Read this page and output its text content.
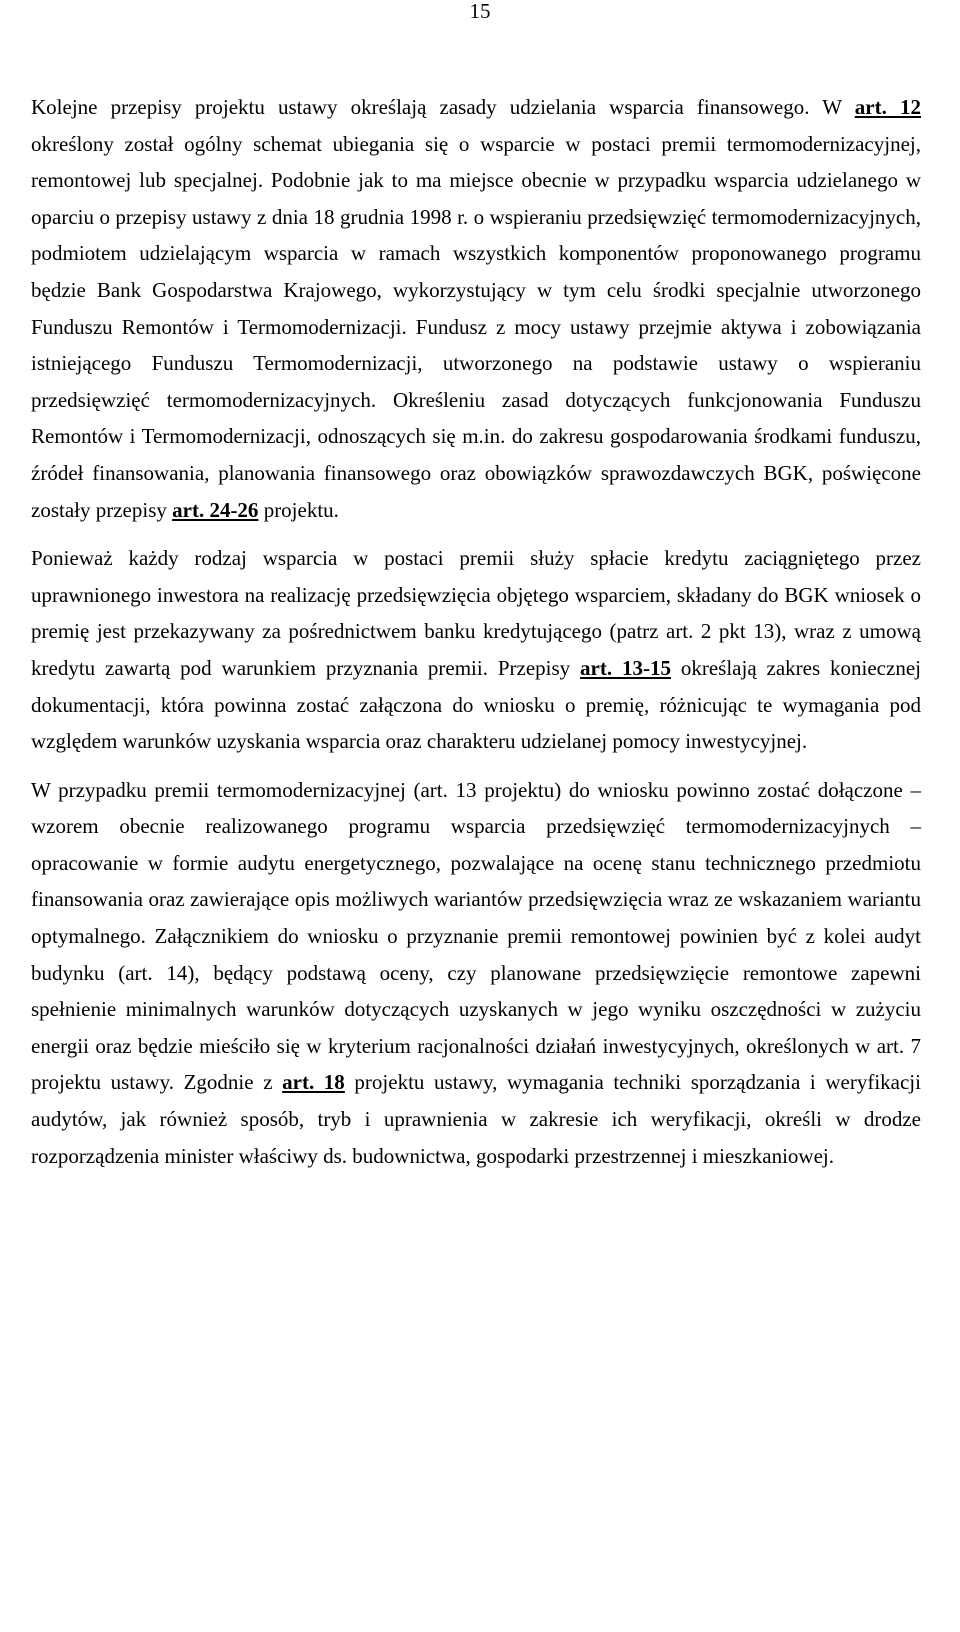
15

Kolejne przepisy projektu ustawy określają zasady udzielania wsparcia finansowego. W art. 12 określony został ogólny schemat ubiegania się o wsparcie w postaci premii termomodernizacyjnej, remontowej lub specjalnej. Podobnie jak to ma miejsce obecnie w przypadku wsparcia udzielanego w oparciu o przepisy ustawy z dnia 18 grudnia 1998 r. o wspieraniu przedsięwzięć termomodernizacyjnych, podmiotem udzielającym wsparcia w ramach wszystkich komponentów proponowanego programu będzie Bank Gospodarstwa Krajowego, wykorzystujący w tym celu środki specjalnie utworzonego Funduszu Remontów i Termomodernizacji. Fundusz z mocy ustawy przejmie aktywa i zobowiązania istniejącego Funduszu Termomodernizacji, utworzonego na podstawie ustawy o wspieraniu przedsięwzięć termomodernizacyjnych. Określeniu zasad dotyczących funkcjonowania Funduszu Remontów i Termomodernizacji, odnoszących się m.in. do zakresu gospodarowania środkami funduszu, źródeł finansowania, planowania finansowego oraz obowiązków sprawozdawczych BGK, poświęcone zostały przepisy art. 24-26 projektu.

Ponieważ każdy rodzaj wsparcia w postaci premii służy spłacie kredytu zaciągniętego przez uprawnionego inwestora na realizację przedsięwzięcia objętego wsparciem, składany do BGK wniosek o premię jest przekazywany za pośrednictwem banku kredytującego (patrz art. 2 pkt 13), wraz z umową kredytu zawartą pod warunkiem przyznania premii. Przepisy art. 13-15 określają zakres koniecznej dokumentacji, która powinna zostać załączona do wniosku o premię, różnicując te wymagania pod względem warunków uzyskania wsparcia oraz charakteru udzielanej pomocy inwestycyjnej.

W przypadku premii termomodernizacyjnej (art. 13 projektu) do wniosku powinno zostać dołączone – wzorem obecnie realizowanego programu wsparcia przedsięwzięć termomodernizacyjnych – opracowanie w formie audytu energetycznego, pozwalające na ocenę stanu technicznego przedmiotu finansowania oraz zawierające opis możliwych wariantów przedsięwzięcia wraz ze wskazaniem wariantu optymalnego. Załącznikiem do wniosku o przyznanie premii remontowej powinien być z kolei audyt budynku (art. 14), będący podstawą oceny, czy planowane przedsięwzięcie remontowe zapewni spełnienie minimalnych warunków dotyczących uzyskanych w jego wyniku oszczędności w zużyciu energii oraz będzie mieściło się w kryterium racjonalności działań inwestycyjnych, określonych w art. 7 projektu ustawy. Zgodnie z art. 18 projektu ustawy, wymagania techniki sporządzania i weryfikacji audytów, jak również sposób, tryb i uprawnienia w zakresie ich weryfikacji, określi w drodze rozporządzenia minister właściwy ds. budownictwa, gospodarki przestrzennej i mieszkaniowej.
